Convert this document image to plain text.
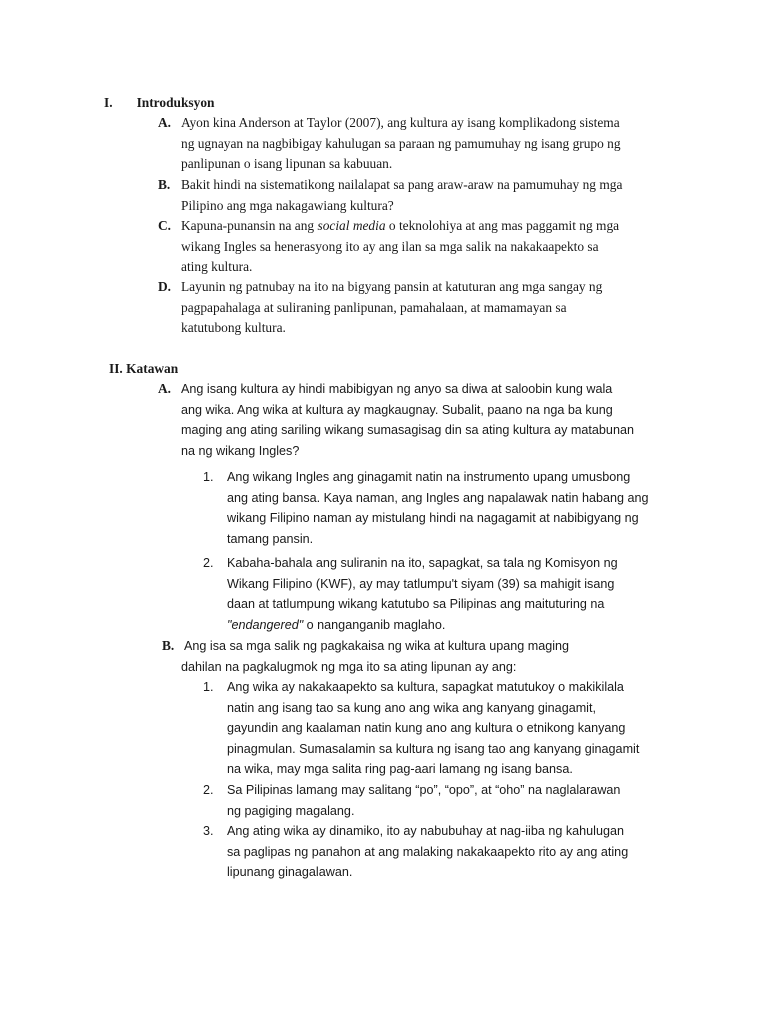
I. Introduksyon
A. Ayon kina Anderson at Taylor (2007), ang kultura ay isang komplikadong sistema
ng ugnayan na nagbibigay kahulugan sa paraan ng pamumuhay ng isang grupo ng
panlipunan o isang lipunan sa kabuuan.
B. Bakit hindi na sistematikong nailalapat sa pang araw-araw na pamumuhay ng mga
Pilipino ang mga nakagawiang kultura?
C. Kapuna-punansin na ang social media o teknolohiya at ang mas paggamit ng mga
wikang Ingles sa henerasyong ito ay ang ilan sa mga salik na nakakaapekto sa
ating kultura.
D. Layunin ng patnubay na ito na bigyang pansin at katuturan ang mga sangay ng
pagpapahalaga at suliraning panlipunan, pamahalaan, at mamamayan sa
katutubong kultura.
II. Katawan
A. Ang isang kultura ay hindi mabibigyan ng anyo sa diwa at saloobin kung wala
ang wika. Ang wika at kultura ay magkaugnay. Subalit, paano na nga ba kung
maging ang ating sariling wikang sumasagisag din sa ating kultura ay matabunan
na ng wikang Ingles?
1. Ang wikang Ingles ang ginagamit natin na instrumento upang umusbong
ang ating bansa. Kaya naman, ang Ingles ang napalawak natin habang ang
wikang Filipino naman ay mistulang hindi na nagagamit at nabibigyang ng
tamang pansin.
2. Kabaha-bahala ang suliranin na ito, sapagkat, sa tala ng Komisyon ng
Wikang Filipino (KWF), ay may tatlumpu't siyam (39) sa mahigit isang
daan at tatlumpung wikang katutubo sa Pilipinas ang maituturing na
"endangered" o nanganganib maglaho.
B. Ang isa sa mga salik ng pagkakaisa ng wika at kultura upang maging
dahilan na pagkalugmok ng mga ito sa ating lipunan ay ang:
1. Ang wika ay nakakaapekto sa kultura, sapagkat matutukoy o makikilala
natin ang isang tao sa kung ano ang wika ang kanyang ginagamit,
gayundin ang kaalaman natin kung ano ang kultura o etnikong kanyang
pinagmulan. Sumasalamin sa kultura ng isang tao ang kanyang ginagamit
na wika, may mga salita ring pag-aari lamang ng isang bansa.
2. Sa Pilipinas lamang may salitang “po”, “opo”, at “oho” na naglalarawan
ng pagiging magalang.
3. Ang ating wika ay dinamiko, ito ay nabubuhay at nag-iiba ng kahulugan
sa paglipas ng panahon at ang malaking nakakaapekto rito ay ang ating
lipunang ginagalawan.
